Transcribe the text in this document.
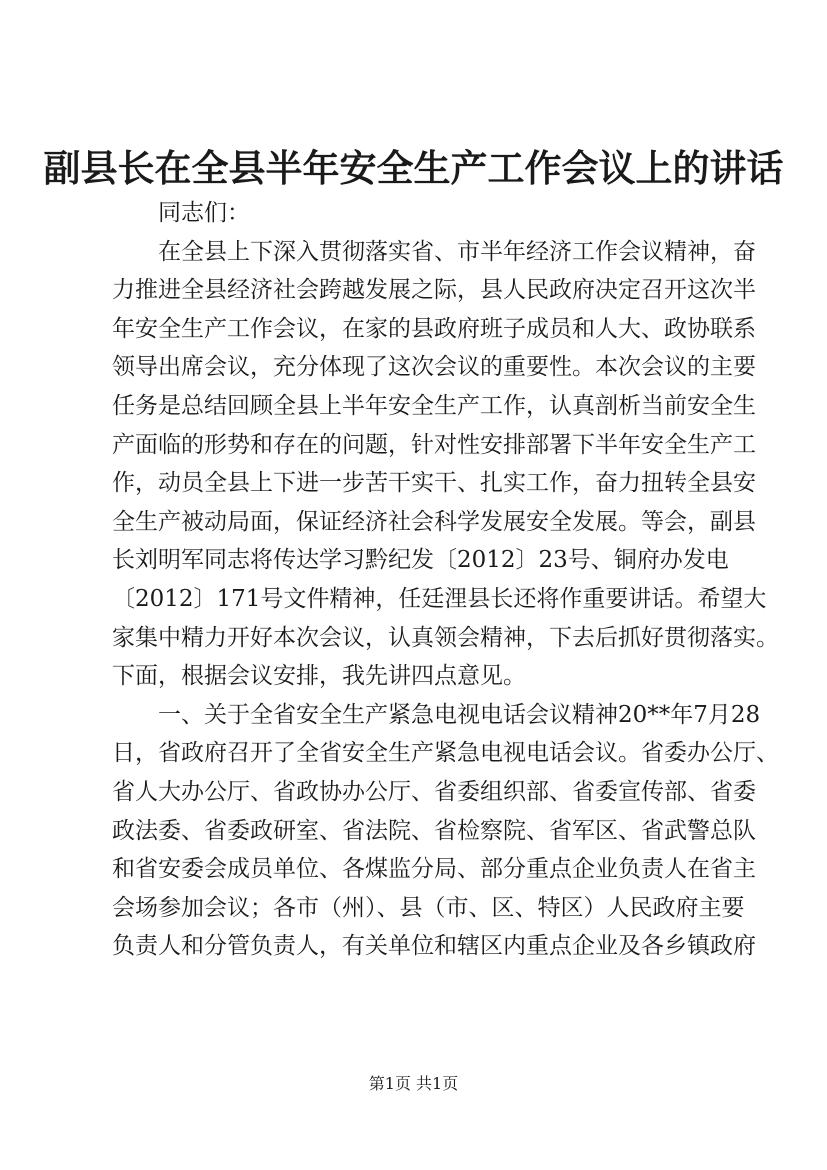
副县长在全县半年安全生产工作会议上的讲话
同志们：
在全县上下深入贯彻落实省、市半年经济工作会议精神，奋
力推进全县经济社会跨越发展之际，县人民政府决定召开这次半
年安全生产工作会议，在家的县政府班子成员和人大、政协联系
领导出席会议，充分体现了这次会议的重要性。本次会议的主要
任务是总结回顾全县上半年安全生产工作，认真剖析当前安全生
产面临的形势和存在的问题，针对性安排部署下半年安全生产工
作，动员全县上下进一步苦干实干、扎实工作，奋力扭转全县安
全生产被动局面，保证经济社会科学发展安全发展。等会，副县
长刘明军同志将传达学习黔纪发〔2012〕23号、铜府办发电
〔2012〕171号文件精神，任廷浬县长还将作重要讲话。希望大
家集中精力开好本次会议，认真领会精神，下去后抓好贯彻落实。
下面，根据会议安排，我先讲四点意见。
一、关于全省安全生产紧急电视电话会议精神20**年7月28
日，省政府召开了全省安全生产紧急电视电话会议。省委办公厅、
省人大办公厅、省政协办公厅、省委组织部、省委宣传部、省委
政法委、省委政研室、省法院、省检察院、省军区、省武警总队
和省安委会成员单位、各煤监分局、部分重点企业负责人在省主
会场参加会议；各市（州）、县（市、区、特区）人民政府主要
负责人和分管负责人，有关单位和辖区内重点企业及各乡镇政府
第1页 共1页
